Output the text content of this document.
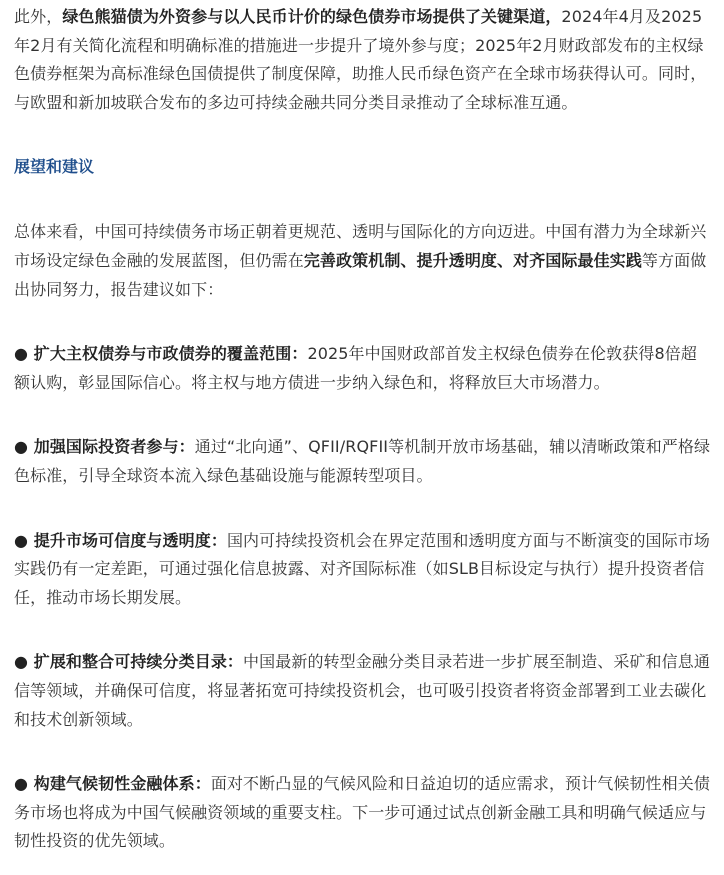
此外，绿色熊猫债为外资参与以人民币计价的绿色债券市场提供了关键渠道，2024年4月及2025年2月有关简化流程和明确标准的措施进一步提升了境外参与度；2025年2月财政部发布的主权绿色债券框架为高标准绿色国债提供了制度保障，助推人民币绿色资产在全球市场获得认可。同时，与欧盟和新加坡联合发布的多边可持续金融共同分类目录推动了全球标准互通。

展望和建议

总体来看，中国可持续债务市场正朝着更规范、透明与国际化的方向迈进。中国有潜力为全球新兴市场设定绿色金融的发展蓝图，但仍需在完善政策机制、提升透明度、对齐国际最佳实践等方面做出协同努力，报告建议如下：

● 扩大主权债券与市政债券的覆盖范围：2025年中国财政部首发主权绿色债券在伦敦获得8倍超额认购，彰显国际信心。将主权与地方债进一步纳入绿色和，将释放巨大市场潜力。

● 加强国际投资者参与：通过“北向通”、QFII/RQFII等机制开放市场基础，辅以清晰政策和严格绿色标准，引导全球资本流入绿色基础设施与能源转型项目。

● 提升市场可信度与透明度：国内可持续投资机会在界定范围和透明度方面与不断演变的国际市场实践仍有一定差距，可通过强化信息披露、对齐国际标准（如SLB目标设定与执行）提升投资者信任，推动市场长期发展。

● 扩展和整合可持续分类目录：中国最新的转型金融分类目录若进一步扩展至制造、采矿和信息通信等领域，并确保可信度，将显著拓宽可持续投资机会，也可吸引投资者将资金部署到工业去碳化和技术创新领域。

● 构建气候韧性金融体系：面对不断凸显的气候风险和日益迫切的适应需求，预计气候韧性相关债务市场也将成为中国气候融资领域的重要支柱。下一步可通过试点创新金融工具和明确气候适应与韧性投资的优先领域。
